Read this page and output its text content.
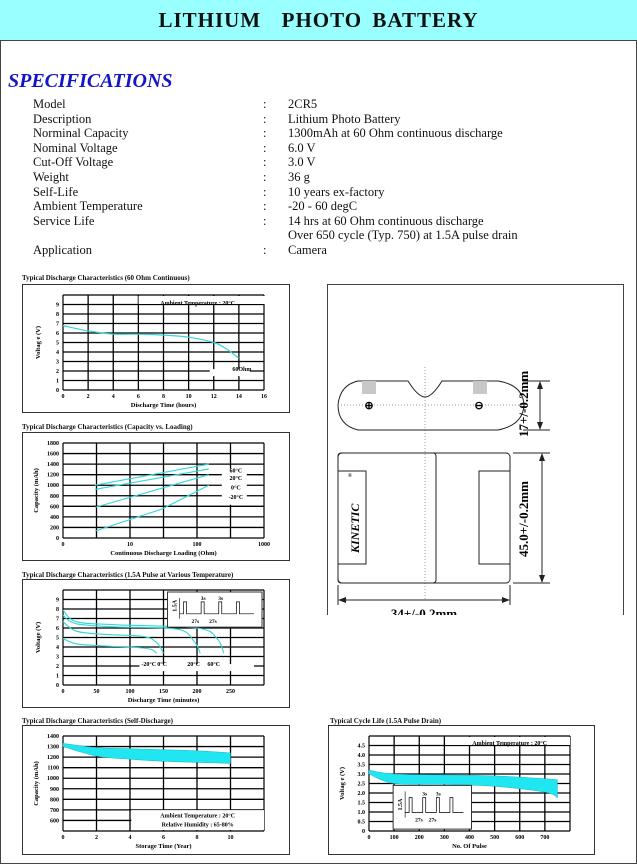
LITHIUM  PHOTO BATTERY
SPECIFICATIONS
Model	:	2CR5
Description	:	Lithium Photo Battery
Norminal Capacity	:	1300mAh at 60 Ohm continuous discharge
Nominal Voltage	:	6.0 V
Cut-Off Voltage	:	3.0 V
Weight	:	36 g
Self-Life	:	10 years ex-factory
Ambient Temperature	:	-20 - 60 degC
Service Life	:	14 hrs at 60 Ohm continuous discharge
Over 650 cycle (Typ. 750) at 1.5A pulse drain
Application	:	Camera
Typical Discharge Characteristics (60 Ohm Continuous)
Typical Discharge Characteristics (Capacity vs. Loading)
Typical Discharge Characteristics (1.5A Pulse at Various Temperature)
Typical Discharge Characteristics (Self-Discharge)	Typical Cycle Life (1.5A Pulse Drain)
0	2	4	6	8	10	12	14	16
0
1
2
3
4
5
6
7
8
9
Discharge Time (hours)
Voltag e (V)
Ambient Temperature : 20°C
60Ohm
0	10	100	1000
0
200
400
600
800
1000
1200
1400
1600
1800
Continuous Discharge Loading (Ohm)
Capacity (mAh)	60°C
20°C
0°C
-20°C
0	50	100	150	200	250
0
1
2
3
4
5
6
7
8
9
Discharge Time (minutes)
Voltage (V)
-20°C 0°C	20°C 60°C
1.5A
3s 3s
27s 27s
0	2	4	6	8	10
600
700
800
900
1000
1100
1200
1300
1400
Storage Time (Year)
Capacity (mAh)
Ambient Temperature : 20°C
Relative Humidity : 65-80%
0	100	200	300	400	500	600	700
0
0.5
1.0
1.5
2.0
2.5
3.0
3.5
4.0
4.5
No. Of Pulse
Voltag e (V)
Ambient Temperature : 20°C
1.5A
3s 3s
27s 27s
⊕	⊖ 17+/-0.2mm
KINETIC
®
45.0+/-0.2mm
34+/-0.2mm
